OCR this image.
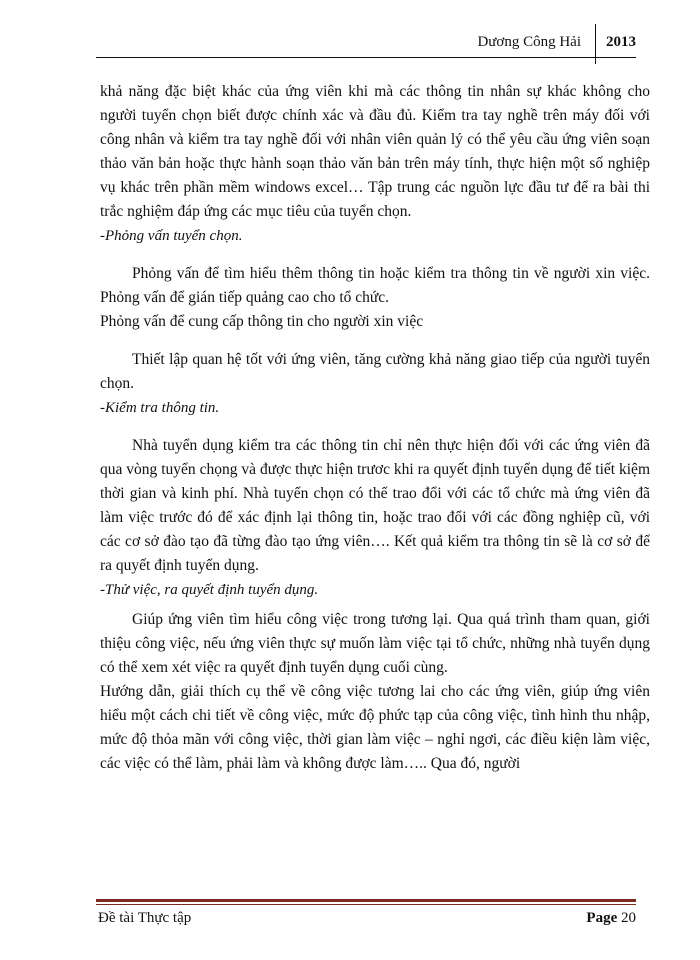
Dương Công Hải	2013

khả năng đặc biệt khác của ứng viên khi mà các thông tin nhân sự khác không cho người tuyển chọn biết được chính xác và đầu đủ. Kiểm tra tay nghề trên máy đối với công nhân và kiểm tra tay nghề đối với nhân viên quản lý có thể yêu cầu ứng viên soạn thảo văn bản hoặc thực hành soạn thảo văn bản trên máy tính, thực hiện một số nghiệp vụ khác trên phần mềm windows excel… Tập trung các nguồn lực đầu tư để ra bài thi trắc nghiệm đáp ứng các mục tiêu của tuyển chọn.

-Phỏng vấn tuyển chọn.

Phỏng vấn để tìm hiểu thêm thông tin hoặc kiểm tra thông tin về người xin việc. Phỏng vấn để gián tiếp quảng cao cho tổ chức.

Phỏng vấn để cung cấp thông tin cho người xin việc

Thiết lập quan hệ tốt với ứng viên, tăng cường khả năng giao tiếp của người tuyển chọn.

-Kiểm tra thông tin.

Nhà tuyển dụng kiểm tra các thông tin chỉ nên thực hiện đối với các ứng viên đã qua vòng tuyển chọng và được thực hiện trươc khi ra quyết định tuyển dụng để tiết kiệm thời gian và kinh phí. Nhà tuyển chọn có thể trao đổi với các tổ chức mà ứng viên đã làm việc trước đó để xác định lại thông tin, hoặc trao đổi với các đồng nghiệp cũ, với các cơ sở đào tạo đã từng đào tạo ứng viên…. Kết quả kiểm tra thông tin sẽ là cơ sở để ra quyết định tuyển dụng.

-Thử việc, ra quyết định tuyển dụng.

Giúp ứng viên tìm hiểu công việc trong tương lại. Qua quá trình tham quan, giới thiệu công việc, nếu ứng viên thực sự muốn làm việc tại tổ chức, những nhà tuyển dụng có thể xem xét việc ra quyết định tuyển dụng cuối cùng.

Hướng dẫn, giải thích cụ thể về công việc tương lai cho các ứng viên, giúp ứng viên hiểu một cách chi tiết về công việc, mức độ phức tạp của công việc, tình hình thu nhập, mức độ thỏa mãn với công việc, thời gian làm việc – nghỉ ngơi, các điều kiện làm việc, các việc có thể làm, phải làm và không được làm….. Qua đó, người

Đề tài Thực tập	Page 20
